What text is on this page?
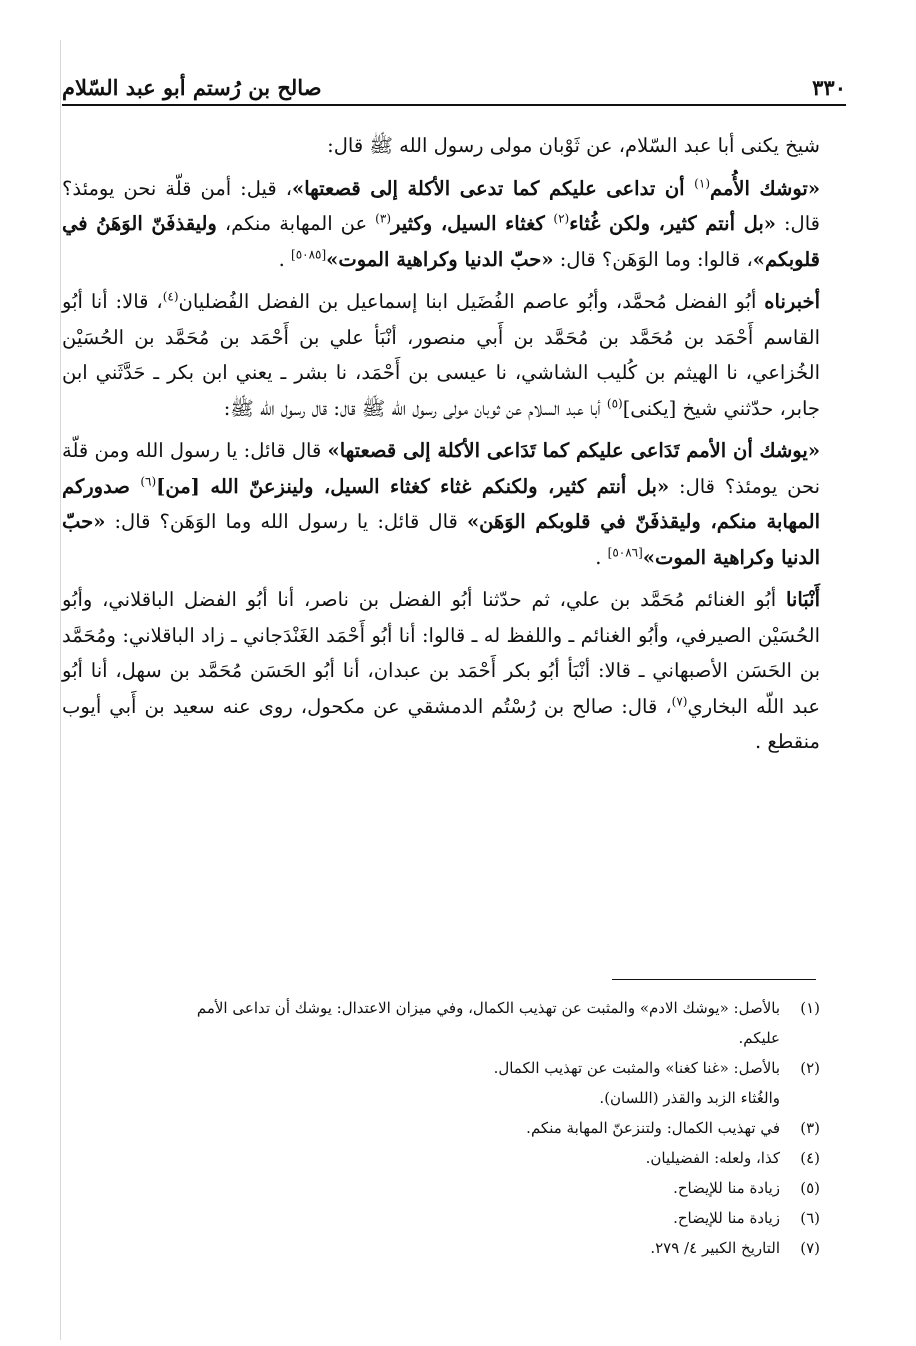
٣٣٠
صالح بن رُستم أبو عبد السّلام

شيخ يكنى أبا عبد السّلام، عن ثَوْبان مولى رسول الله ﷺ قال:

«توشك الأُمم$^{(١)}$ أن تداعى عليكم كما تدعى الأكلة إلى قصعتها»، قيل: أمن قلّة نحن يومئذ؟ قال: «بل أنتم كثير، ولكن غُثاء$^{(٢)}$ كغثاء السيل، وكثير$^{(٣)}$ عن المهابة منكم، وليقذفَنّ الوَهَنُ في قلوبكم»، قالوا: وما الوَهَن؟ قال: «حبّ الدنيا وكراهية الموت»[٥٠٨٥] .

أخبرناه أبُو الفضل مُحمَّد، وأبُو عاصم الفُضَيل ابنا إسماعيل بن الفضل الفُضليان$^{(٤)}$، قالا: أنا أبُو القاسم أَحْمَد بن مُحَمَّد بن مُحَمَّد بن أَبي منصور، أنْبَأ علي بن أَحْمَد بن مُحَمَّد بن الحُسَيْن الخُزاعي، نا الهيثم بن كُليب الشاشي، نا عيسى بن أَحْمَد، نا بشر ـ يعني ابن بكر ـ حَدَّثَني ابن جابر، حدّثني شيخ [يكنى]$^{(٥)}$ أبا عبد السلام عن ثوبان مولى رسول الله ﷺ قال: قال رسول الله ﷺ:

«يوشك أن الأمم تَدَاعى عليكم كما تَدَاعى الأكلة إلى قصعتها» قال قائل: يا رسول الله ومن قلّة نحن يومئذ؟ قال: «بل أنتم كثير، ولكنكم غثاء كغثاء السيل، ولينزعنّ الله [من]$^{(٦)}$ صدوركم المهابة منكم، وليقذفَنّ في قلوبكم الوَهَن» قال قائل: يا رسول الله وما الوَهَن؟ قال: «حبّ الدنيا وكراهية الموت»[٥٠٨٦] .

أَنْبَانا أبُو الغنائم مُحَمَّد بن علي، ثم حدّثنا أبُو الفضل بن ناصر، أنا أبُو الفضل الباقلاني، وأبُو الحُسَيْن الصيرفي، وأبُو الغنائم ـ واللفظ له ـ قالوا: أنا أبُو أَحْمَد الغَنْدَجاني ـ زاد الباقلاني: ومُحَمَّد بن الحَسَن الأصبهاني ـ قالا: أنْبَأ أبُو بكر أَحْمَد بن عبدان، أنا أبُو الحَسَن مُحَمَّد بن سهل، أنا أبُو عبد اللّه البخاري$^{(٧)}$، قال: صالح بن رُسْتُم الدمشقي عن مكحول، روى عنه سعيد بن أَبي أيوب منقطع .

(١)
بالأصل: «يوشك الادم» والمثبت عن تهذيب الكمال، وفي ميزان الاعتدال: يوشك أن تداعى الأمم
عليكم.
(٢)
بالأصل: «غنا كغنا» والمثبت عن تهذيب الكمال.
والغُثاء الزبد والقذر (اللسان).
(٣)
في تهذيب الكمال: ولتنزعنّ المهابة منكم.
(٤)
كذا، ولعله: الفضيليان.
(٥)
زيادة منا للإيضاح.
(٦)
زيادة منا للإيضاح.
(٧)
التاريخ الكبير ٤/ ٢٧٩.
